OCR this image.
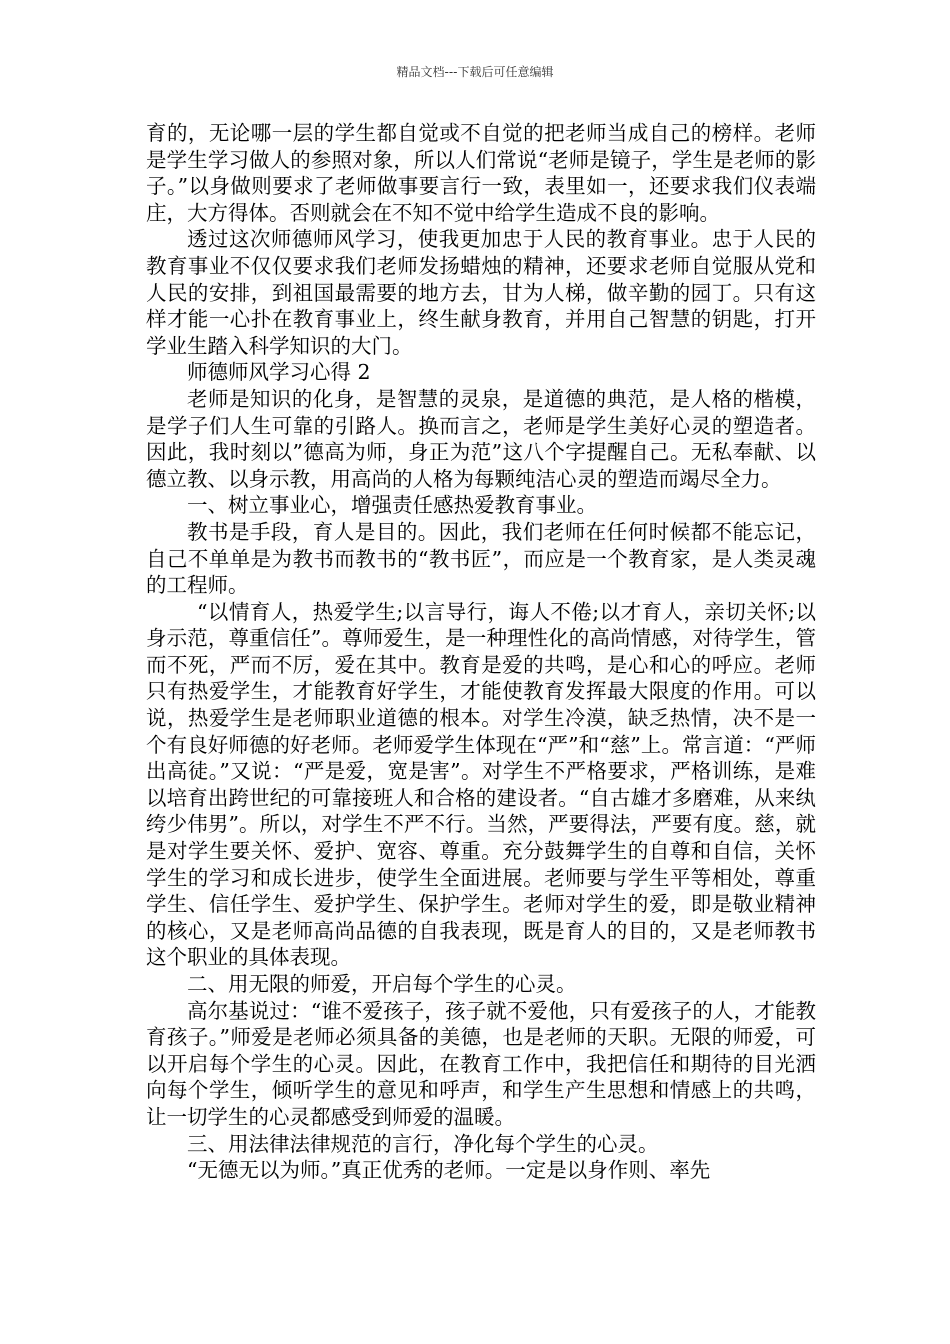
精品文档---下载后可任意编辑

育的，无论哪一层的学生都自觉或不自觉的把老师当成自己的榜样。老师是学生学习做人的参照对象，所以人们常说“老师是镜子，学生是老师的影子。”以身做则要求了老师做事要言行一致，表里如一，还要求我们仪表端庄，大方得体。否则就会在不知不觉中给学生造成不良的影响。

透过这次师德师风学习，使我更加忠于人民的教育事业。忠于人民的教育事业不仅仅要求我们老师发扬蜡烛的精神，还要求老师自觉服从党和人民的安排，到祖国最需要的地方去，甘为人梯，做辛勤的园丁。只有这样才能一心扑在教育事业上，终生献身教育，并用自己智慧的钥匙，打开学业生踏入科学知识的大门。

师德师风学习心得 2

老师是知识的化身，是智慧的灵泉，是道德的典范，是人格的楷模，是学子们人生可靠的引路人。换而言之，老师是学生美好心灵的塑造者。因此，我时刻以”德高为师，身正为范”这八个字提醒自己。无私奉献、以德立教、以身示教，用高尚的人格为每颗纯洁心灵的塑造而竭尽全力。

一、树立事业心，增强责任感热爱教育事业。

教书是手段，育人是目的。因此，我们老师在任何时候都不能忘记，自己不单单是为教书而教书的“教书匠”，而应是一个教育家，是人类灵魂的工程师。

“以情育人，热爱学生;以言导行，诲人不倦;以才育人，亲切关怀;以身示范，尊重信任”。尊师爱生，是一种理性化的高尚情感，对待学生，管而不死，严而不厉，爱在其中。教育是爱的共鸣，是心和心的呼应。老师只有热爱学生，才能教育好学生，才能使教育发挥最大限度的作用。可以说，热爱学生是老师职业道德的根本。对学生冷漠，缺乏热情，决不是一个有良好师德的好老师。老师爱学生体现在“严”和“慈”上。常言道：“严师出高徒。”又说：“严是爱，宽是害”。对学生不严格要求，严格训练，是难以培育出跨世纪的可靠接班人和合格的建设者。“自古雄才多磨难，从来纨绔少伟男”。所以，对学生不严不行。当然，严要得法，严要有度。慈，就是对学生要关怀、爱护、宽容、尊重。充分鼓舞学生的自尊和自信，关怀学生的学习和成长进步，使学生全面进展。老师要与学生平等相处，尊重学生、信任学生、爱护学生、保护学生。老师对学生的爱，即是敬业精神的核心，又是老师高尚品德的自我表现，既是育人的目的，又是老师教书这个职业的具体表现。

二、用无限的师爱，开启每个学生的心灵。

高尔基说过：“谁不爱孩子，孩子就不爱他，只有爱孩子的人，才能教育孩子。”师爱是老师必须具备的美德，也是老师的天职。无限的师爱，可以开启每个学生的心灵。因此，在教育工作中，我把信任和期待的目光洒向每个学生，倾听学生的意见和呼声，和学生产生思想和情感上的共鸣，让一切学生的心灵都感受到师爱的温暖。

三、用法律法律规范的言行，净化每个学生的心灵。

“无德无以为师。”真正优秀的老师。一定是以身作则、率先
